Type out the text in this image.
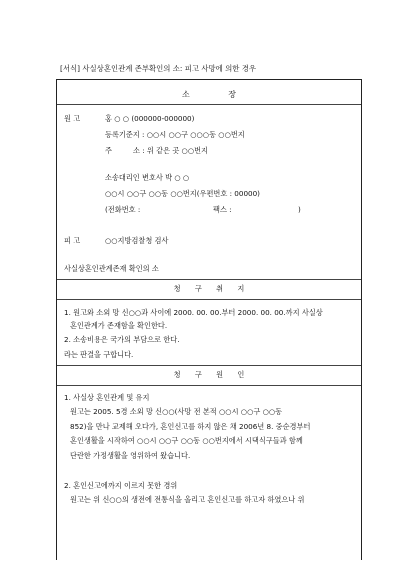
[서식] 사실상혼인관계 존부확인의 소: 피고 사망에 의한 경우
소 장
원 고	홍 ○ ○ (000000-000000)
등록기준지 : ○○시 ○○구 ○○○동 ○○번지
주	소 : 위 같은 곳 ○○번지
소송대리인 변호사 박 ○ ○
○○시 ○○구 ○○동 ○○번지(우편번호 : 00000)
(전화번호 :	팩스 :	)
피 고	○○지방검찰청 검사
사실상혼인관계존재 확인의 소
청 구 취 지
1. 원고와 소외 망 신○○과 사이에 2000. 00. 00.부터 2000. 00. 00.까지 사실상
혼인관계가 존재함을 확인한다.
2. 소송비용은 국가의 부담으로 한다.
라는 판결을 구합니다.
청 구 원 인
1. 사실상 혼인관계 및 유지
원고는 2005. 5경 소외 망 신○○(사망 전 본적 ○○시 ○○구 ○○동
852)을 만나 교제해 오다가, 혼인신고를 하지 않은 채 2006년 8. 중순경부터
혼인생활을 시작하여 ○○시 ○○구 ○○동 ○○번지에서 시댁식구들과 함께
단란한 가정생활을 영위하여 왔습니다.
2. 혼인신고에까지 이르지 못한 경위
원고는 위 신○○의 생전에 전통식을 올리고 혼인신고를 하고자 하였으나 위
